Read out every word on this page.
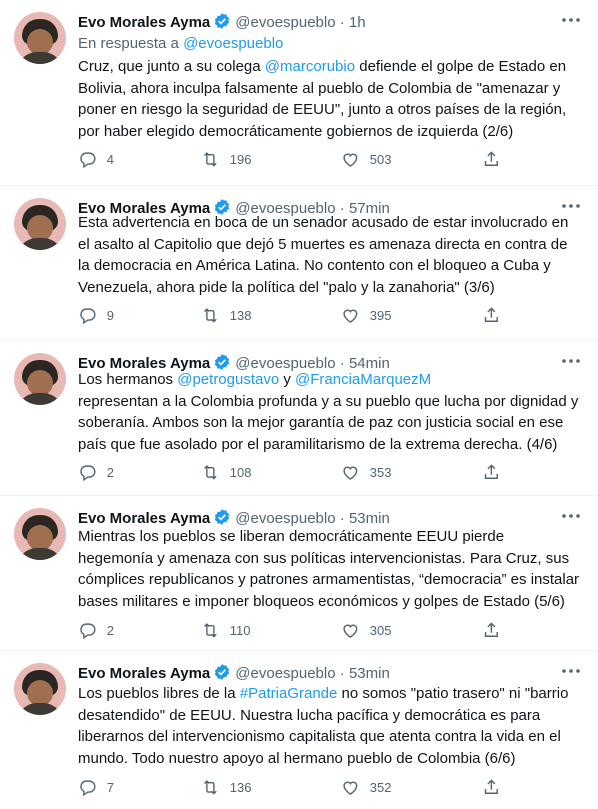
Evo Morales Ayma @evoespueblo · 1h
En respuesta a @evoespueblo
Cruz, que junto a su colega @marcorubio defiende el golpe de Estado en Bolivia, ahora inculpa falsamente al pueblo de Colombia de "amenazar y poner en riesgo la seguridad de EEUU", junto a otros países de la región, por haber elegido democráticamente gobiernos de izquierda (2/6)
4	196	503
Evo Morales Ayma @evoespueblo · 57min
Esta advertencia en boca de un senador acusado de estar involucrado en el asalto al Capitolio que dejó 5 muertes es amenaza directa en contra de la democracia en América Latina. No contento con el bloqueo a Cuba y Venezuela, ahora pide la política del "palo y la zanahoria" (3/6)
9	138	395
Evo Morales Ayma @evoespueblo · 54min
Los hermanos @petrogustavo y @FranciaMarquezM
representan a la Colombia profunda y a su pueblo que lucha por dignidad y soberanía. Ambos son la mejor garantía de paz con justicia social en ese país que fue asolado por el paramilitarismo de la extrema derecha. (4/6)
2	108	353
Evo Morales Ayma @evoespueblo · 53min
Mientras los pueblos se liberan democráticamente EEUU pierde hegemonía y amenaza con sus políticas intervencionistas. Para Cruz, sus cómplices republicanos y patrones armamentistas, “democracia” es instalar bases militares e imponer bloqueos económicos y golpes de Estado (5/6)
2	110	305
Evo Morales Ayma @evoespueblo · 53min
Los pueblos libres de la #PatriaGrande no somos "patio trasero" ni "barrio desatendido" de EEUU. Nuestra lucha pacífica y democrática es para liberarnos del intervencionismo capitalista que atenta contra la vida en el mundo. Todo nuestro apoyo al hermano pueblo de Colombia (6/6)
7	136	352
